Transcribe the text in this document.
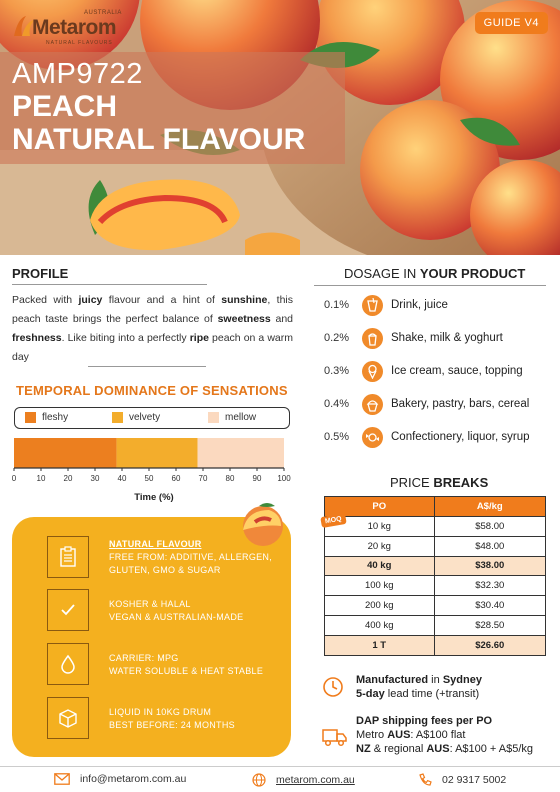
Metarom
AUSTRALIA
NATURAL FLAVOURS
GUIDE V4
AMP9722
PEACH
NATURAL FLAVOUR
PROFILE
Packed with juicy flavour and a hint of sunshine, this peach taste brings the perfect balance of sweetness and freshness. Like biting into a perfectly ripe peach on a warm day
TEMPORAL DOMINANCE OF SENSATIONS
fleshy	velvety	mellow
0	10 20 30 40 50 60 70 80 90 100
Time (%)
NATURAL FLAVOUR
FREE FROM: ADDITIVE, ALLERGEN,
GLUTEN, GMO & SUGAR
KOSHER & HALAL
VEGAN & AUSTRALIAN-MADE
CARRIER: MPG
WATER SOLUBLE & HEAT STABLE
LIQUID IN 10KG DRUM
BEST BEFORE: 24 MONTHS
DOSAGE IN YOUR PRODUCT
0.1%	Drink, juice
0.2%	Shake, milk & yoghurt
0.3%	Ice cream, sauce, topping
0.4%	Bakery, pastry, bars, cereal
0.5%	Confectionery, liquor, syrup
PRICE BREAKS
PO	A$/kg
10 kg	$58.00
20 kg	$48.00
40 kg	$38.00
100 kg	$32.30
200 kg	$30.40
400 kg	$28.50
1 T	$26.60
MOQ
Manufactured in Sydney
5-day lead time (+transit)
DAP shipping fees per PO
Metro AUS: A$100 flat
NZ & regional AUS: A$100 + A$5/kg
info@metarom.com.au	metarom.com.au	02 9317 5002
